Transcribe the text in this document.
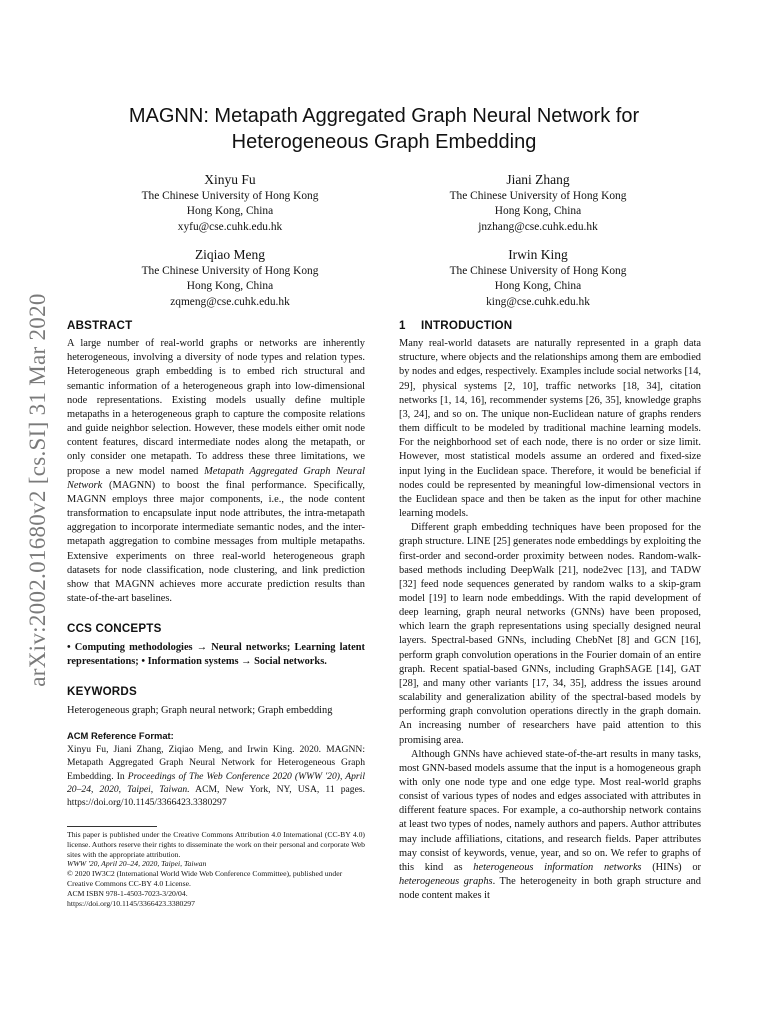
arXiv:2002.01680v2 [cs.SI] 31 Mar 2020
MAGNN: Metapath Aggregated Graph Neural Network for
Heterogeneous Graph Embedding
Xinyu Fu
The Chinese University of Hong Kong
Hong Kong, China
xyfu@cse.cuhk.edu.hk
Jiani Zhang
The Chinese University of Hong Kong
Hong Kong, China
jnzhang@cse.cuhk.edu.hk
Ziqiao Meng
The Chinese University of Hong Kong
Hong Kong, China
zqmeng@cse.cuhk.edu.hk
Irwin King
The Chinese University of Hong Kong
Hong Kong, China
king@cse.cuhk.edu.hk
ABSTRACT

A large number of real-world graphs or networks are inherently heterogeneous, involving a diversity of node types and relation types. Heterogeneous graph embedding is to embed rich structural and semantic information of a heterogeneous graph into low-dimensional node representations. Existing models usually define multiple metapaths in a heterogeneous graph to capture the composite relations and guide neighbor selection. However, these models either omit node content features, discard intermediate nodes along the metapath, or only consider one metapath. To address these three limitations, we propose a new model named Metapath Aggregated Graph Neural Network (MAGNN) to boost the final performance. Specifically, MAGNN employs three major components, i.e., the node content transformation to encapsulate input node attributes, the intra-metapath aggregation to incorporate intermediate semantic nodes, and the inter-metapath aggregation to combine messages from multiple metapaths. Extensive experiments on three real-world heterogeneous graph datasets for node classification, node clustering, and link prediction show that MAGNN achieves more accurate prediction results than state-of-the-art baselines.

CCS CONCEPTS

• Computing methodologies → Neural networks; Learning latent representations; • Information systems → Social networks.

KEYWORDS

Heterogeneous graph; Graph neural network; Graph embedding

ACM Reference Format:

Xinyu Fu, Jiani Zhang, Ziqiao Meng, and Irwin King. 2020. MAGNN: Metapath Aggregated Graph Neural Network for Heterogeneous Graph Embedding. In Proceedings of The Web Conference 2020 (WWW '20), April 20–24, 2020, Taipei, Taiwan. ACM, New York, NY, USA, 11 pages. https://doi.org/10.1145/3366423.3380297

This paper is published under the Creative Commons Attribution 4.0 International (CC-BY 4.0) license. Authors reserve their rights to disseminate the work on their personal and corporate Web sites with the appropriate attribution.

WWW '20, April 20–24, 2020, Taipei, Taiwan
© 2020 IW3C2 (International World Wide Web Conference Committee), published under Creative Commons CC-BY 4.0 License.
ACM ISBN 978-1-4503-7023-3/20/04.
https://doi.org/10.1145/3366423.3380297
1 INTRODUCTION

Many real-world datasets are naturally represented in a graph data structure, where objects and the relationships among them are embodied by nodes and edges, respectively. Examples include social networks [14, 29], physical systems [2, 10], traffic networks [18, 34], citation networks [1, 14, 16], recommender systems [26, 35], knowledge graphs [3, 24], and so on. The unique non-Euclidean nature of graphs renders them difficult to be modeled by traditional machine learning models. For the neighborhood set of each node, there is no order or size limit. However, most statistical models assume an ordered and fixed-size input lying in the Euclidean space. Therefore, it would be beneficial if nodes could be represented by meaningful low-dimensional vectors in the Euclidean space and then be taken as the input for other machine learning models.

Different graph embedding techniques have been proposed for the graph structure. LINE [25] generates node embeddings by exploiting the first-order and second-order proximity between nodes. Random-walk-based methods including DeepWalk [21], node2vec [13], and TADW [32] feed node sequences generated by random walks to a skip-gram model [19] to learn node embeddings. With the rapid development of deep learning, graph neural networks (GNNs) have been proposed, which learn the graph representations using specially designed neural layers. Spectral-based GNNs, including ChebNet [8] and GCN [16], perform graph convolution operations in the Fourier domain of an entire graph. Recent spatial-based GNNs, including GraphSAGE [14], GAT [28], and many other variants [17, 34, 35], address the issues around scalability and generalization ability of the spectral-based models by performing graph convolution operations directly in the graph domain. An increasing number of researchers have paid attention to this promising area.

Although GNNs have achieved state-of-the-art results in many tasks, most GNN-based models assume that the input is a homogeneous graph with only one node type and one edge type. Most real-world graphs consist of various types of nodes and edges associated with attributes in different feature spaces. For example, a co-authorship network contains at least two types of nodes, namely authors and papers. Author attributes may include affiliations, citations, and research fields. Paper attributes may consist of keywords, venue, year, and so on. We refer to graphs of this kind as heterogeneous information networks (HINs) or heterogeneous graphs. The heterogeneity in both graph structure and node content makes it
